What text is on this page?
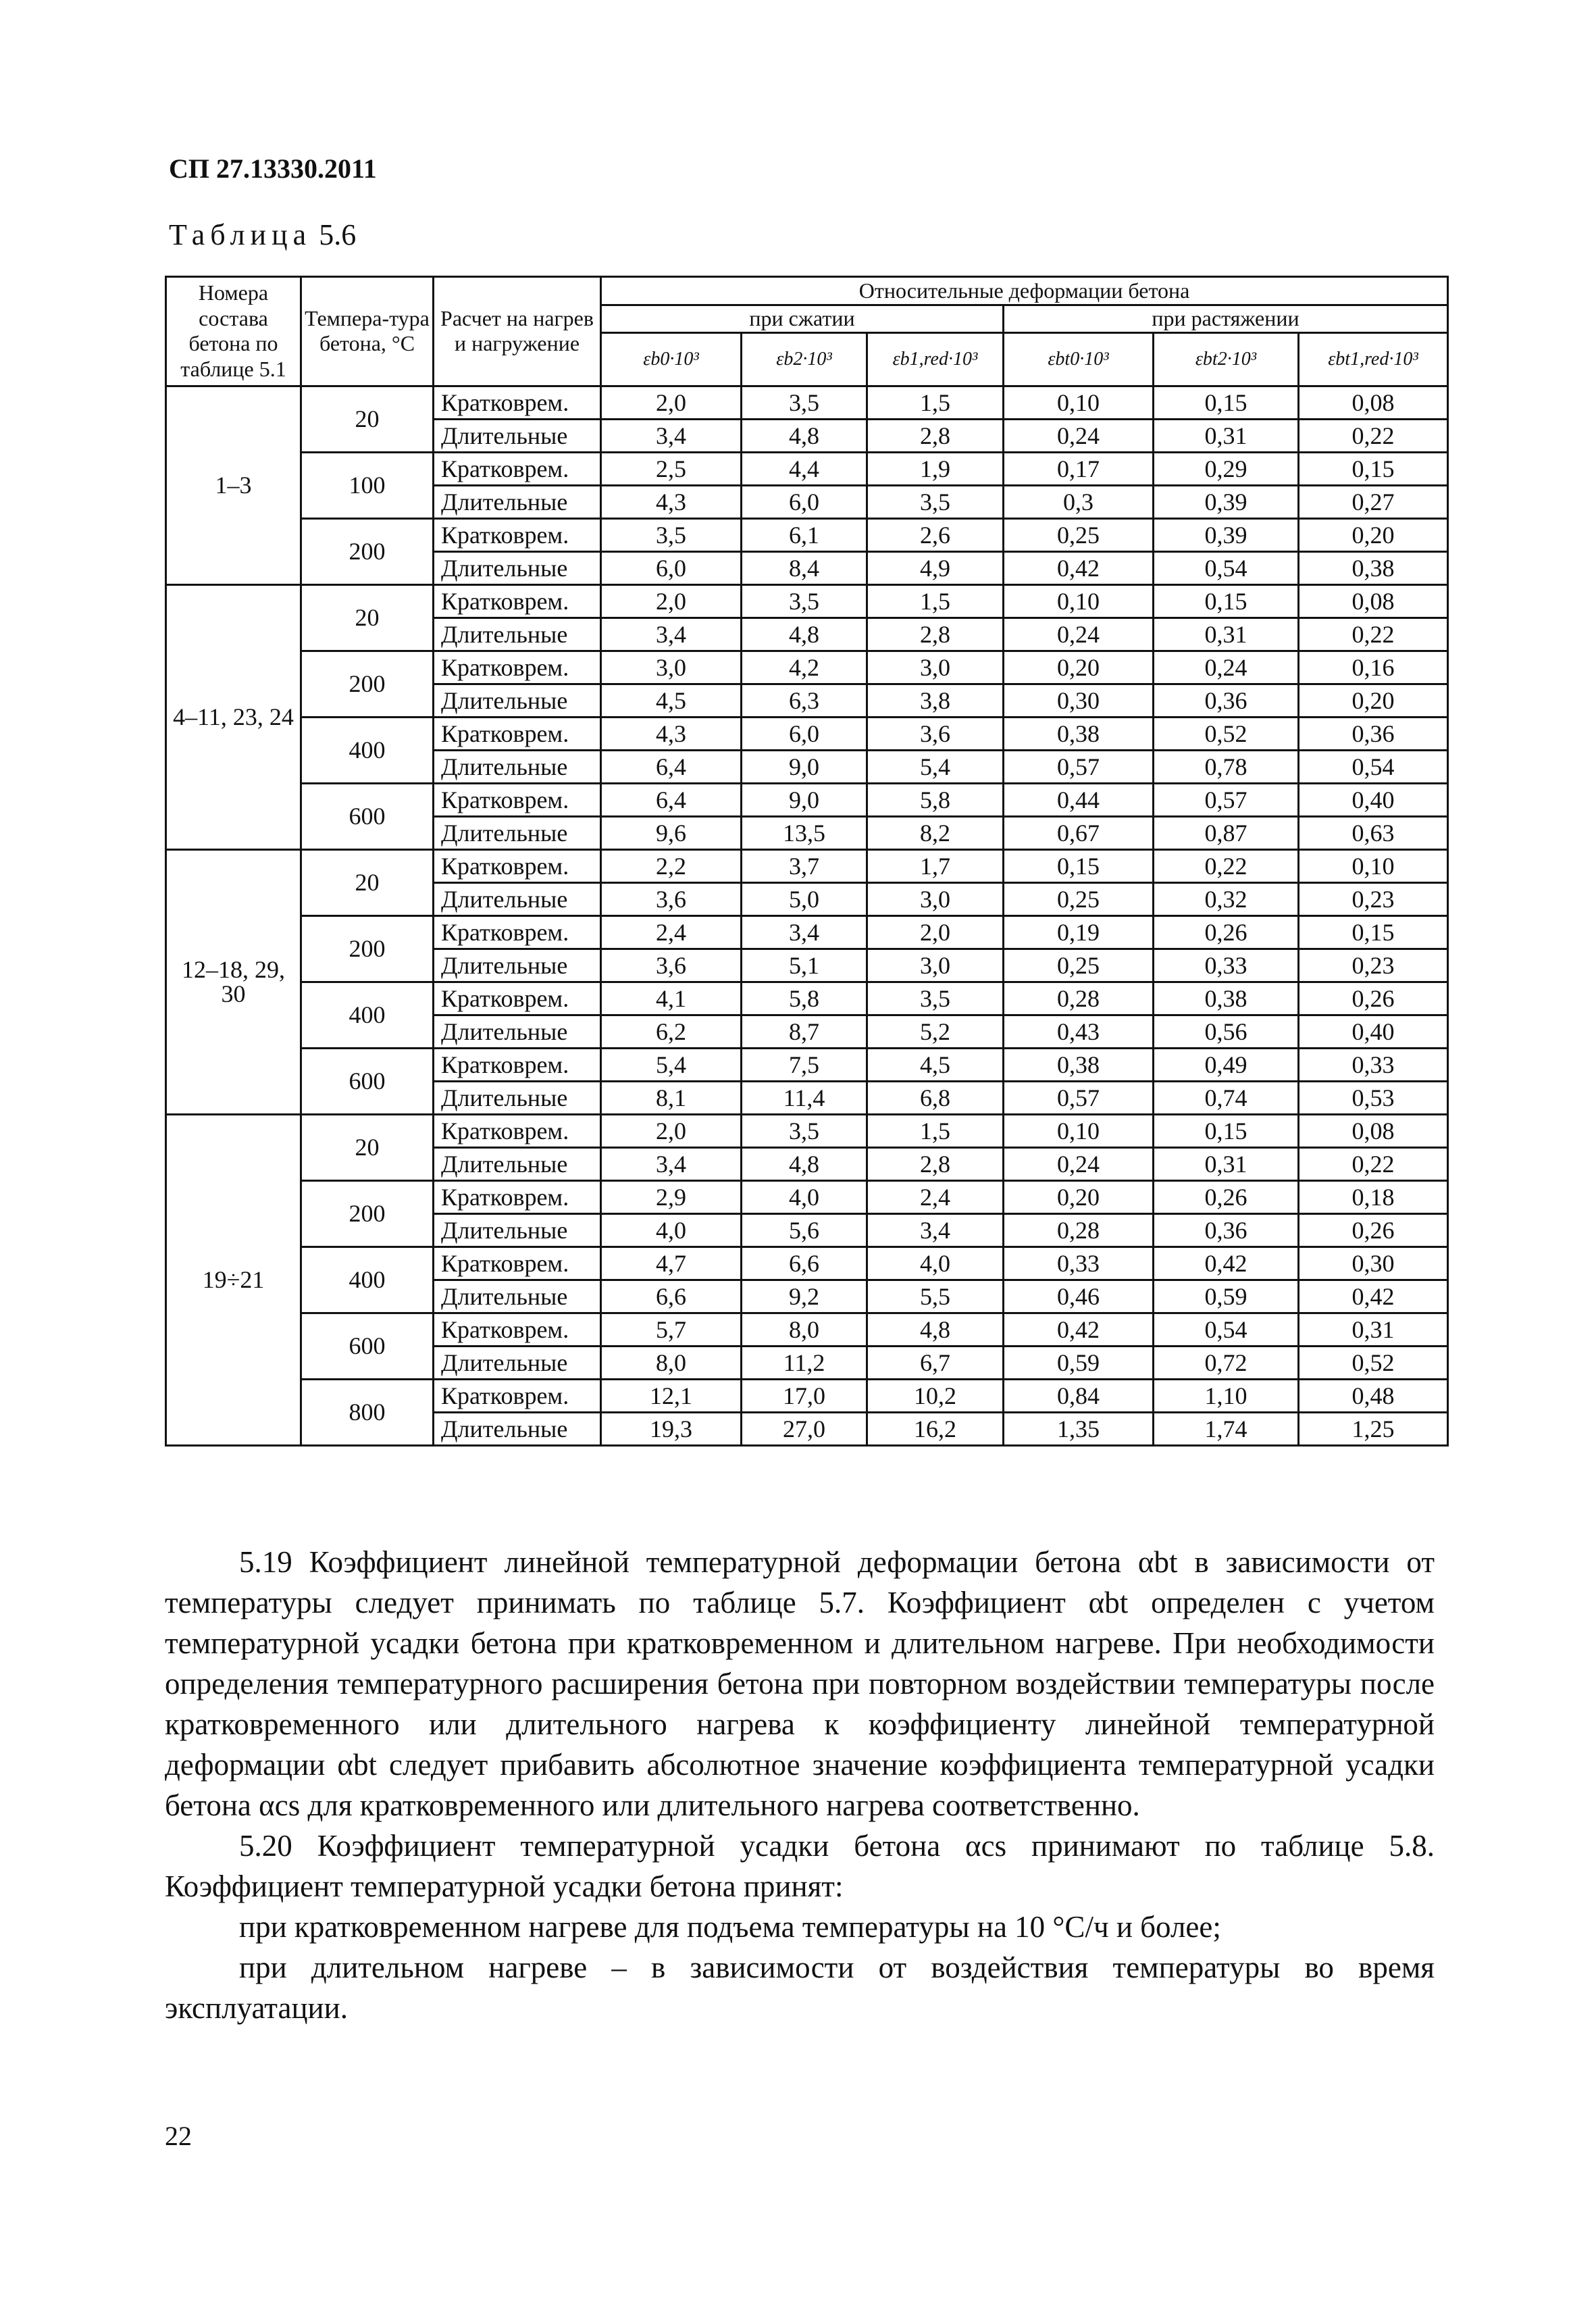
СП 27.13330.2011
Таблица 5.6
Номера состава бетона по таблице 5.1	Темпера-тура бетона, °С	Расчет на нагрев и нагружение	Относительные деформации бетона					
			при сжатии			при растяжении		
			εb0·10³	εb2·10³	εb1,red·10³	εbt0·10³	εbt2·10³	εbt1,red·10³
1–3	20	Кратковрем.	2,0	3,5	1,5	0,10	0,15	0,08
		Длительные	3,4	4,8	2,8	0,24	0,31	0,22
	100	Кратковрем.	2,5	4,4	1,9	0,17	0,29	0,15
		Длительные	4,3	6,0	3,5	0,3	0,39	0,27
	200	Кратковрем.	3,5	6,1	2,6	0,25	0,39	0,20
		Длительные	6,0	8,4	4,9	0,42	0,54	0,38
4–11, 23, 24	20	Кратковрем.	2,0	3,5	1,5	0,10	0,15	0,08
		Длительные	3,4	4,8	2,8	0,24	0,31	0,22
	200	Кратковрем.	3,0	4,2	3,0	0,20	0,24	0,16
		Длительные	4,5	6,3	3,8	0,30	0,36	0,20
	400	Кратковрем.	4,3	6,0	3,6	0,38	0,52	0,36
		Длительные	6,4	9,0	5,4	0,57	0,78	0,54
	600	Кратковрем.	6,4	9,0	5,8	0,44	0,57	0,40
		Длительные	9,6	13,5	8,2	0,67	0,87	0,63
12–18, 29, 30	20	Кратковрем.	2,2	3,7	1,7	0,15	0,22	0,10
		Длительные	3,6	5,0	3,0	0,25	0,32	0,23
	200	Кратковрем.	2,4	3,4	2,0	0,19	0,26	0,15
		Длительные	3,6	5,1	3,0	0,25	0,33	0,23
	400	Кратковрем.	4,1	5,8	3,5	0,28	0,38	0,26
		Длительные	6,2	8,7	5,2	0,43	0,56	0,40
	600	Кратковрем.	5,4	7,5	4,5	0,38	0,49	0,33
		Длительные	8,1	11,4	6,8	0,57	0,74	0,53
19÷21	20	Кратковрем.	2,0	3,5	1,5	0,10	0,15	0,08
		Длительные	3,4	4,8	2,8	0,24	0,31	0,22
	200	Кратковрем.	2,9	4,0	2,4	0,20	0,26	0,18
		Длительные	4,0	5,6	3,4	0,28	0,36	0,26
	400	Кратковрем.	4,7	6,6	4,0	0,33	0,42	0,30
		Длительные	6,6	9,2	5,5	0,46	0,59	0,42
	600	Кратковрем.	5,7	8,0	4,8	0,42	0,54	0,31
		Длительные	8,0	11,2	6,7	0,59	0,72	0,52
	800	Кратковрем.	12,1	17,0	10,2	0,84	1,10	0,48
		Длительные	19,3	27,0	16,2	1,35	1,74	1,25

5.19 Коэффициент линейной температурной деформации бетона αbt в зависимости от температуры следует принимать по таблице 5.7. Коэффициент αbt определен с учетом температурной усадки бетона при кратковременном и длительном нагреве. При необходимости определения температурного расширения бетона при повторном воздействии температуры после кратковременного или длительного нагрева к коэффициенту линейной температурной деформации αbt следует прибавить абсолютное значение коэффициента температурной усадки бетона αcs для кратковременного или длительного нагрева соответственно.

5.20 Коэффициент температурной усадки бетона αcs принимают по таблице 5.8. Коэффициент температурной усадки бетона принят:

при кратковременном нагреве для подъема температуры на 10 °С/ч и более;

при длительном нагреве – в зависимости от воздействия температуры во время эксплуатации.

22
